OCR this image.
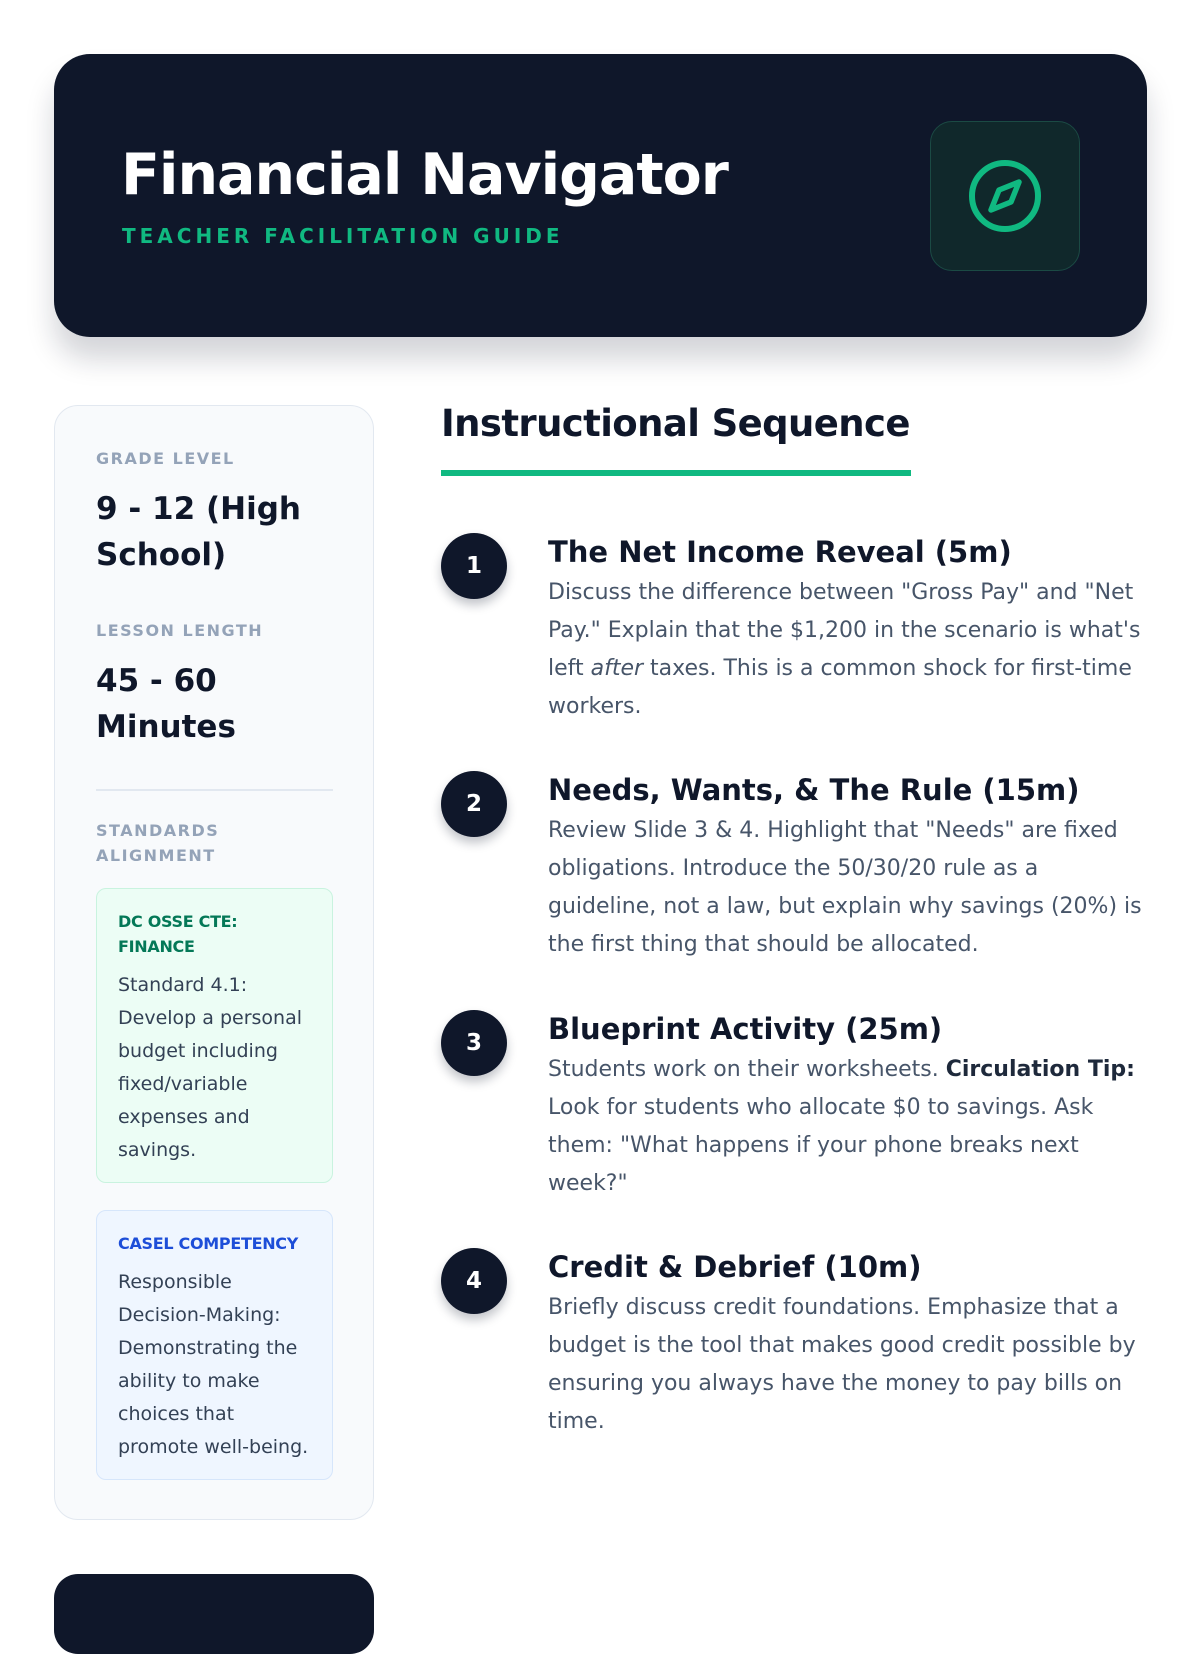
Financial Navigator
TEACHER FACILITATION GUIDE
GRADE LEVEL
9 - 12 (High School)
LESSON LENGTH
45 - 60 Minutes
STANDARDS ALIGNMENT
DC OSSE CTE: FINANCE
Standard 4.1: Develop a personal budget including fixed/variable expenses and savings.
CASEL COMPETENCY
Responsible Decision-Making: Demonstrating the ability to make choices that promote well-being.
Instructional Sequence
1	The Net Income Reveal (5m)
Discuss the difference between "Gross Pay" and "Net Pay." Explain that the $1,200 in the scenario is what's left after taxes. This is a common shock for first-time workers.
2	Needs, Wants, & The Rule (15m)
Review Slide 3 & 4. Highlight that "Needs" are fixed obligations. Introduce the 50/30/20 rule as a guideline, not a law, but explain why savings (20%) is the first thing that should be allocated.
3	Blueprint Activity (25m)
Students work on their worksheets. Circulation Tip: Look for students who allocate $0 to savings. Ask them: "What happens if your phone breaks next week?"
4	Credit & Debrief (10m)
Briefly discuss credit foundations. Emphasize that a budget is the tool that makes good credit possible by ensuring you always have the money to pay bills on time.
